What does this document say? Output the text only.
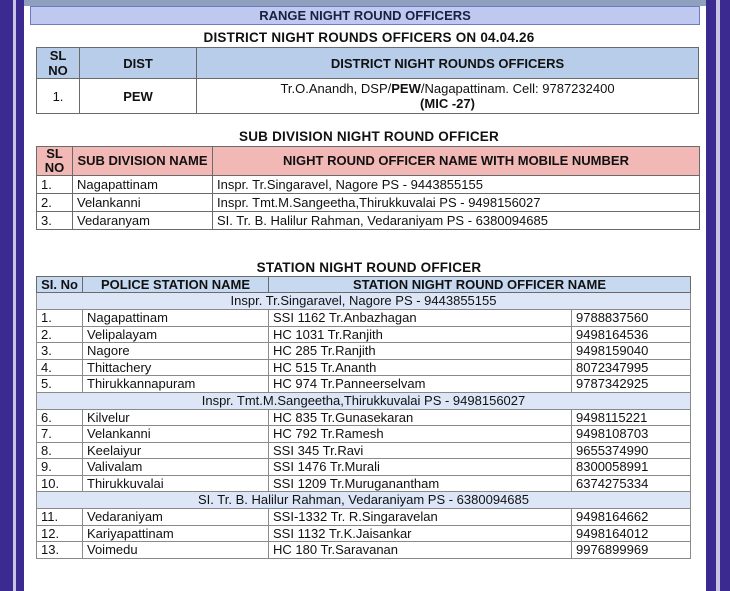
RANGE NIGHT ROUND OFFICERS
DISTRICT NIGHT ROUNDS OFFICERS ON 04.04.26
SL NO	DIST	DISTRICT NIGHT ROUNDS OFFICERS
1.	PEW	Tr.O.Anandh, DSP/PEW/Nagapattinam. Cell: 9787232400
(MIC -27)
SUB DIVISION NIGHT ROUND OFFICER
SL NO	SUB DIVISION NAME	NIGHT ROUND OFFICER NAME WITH MOBILE NUMBER
1.	Nagapattinam	Inspr. Tr.Singaravel, Nagore PS - 9443855155
2.	Velankanni	Inspr. Tmt.M.Sangeetha,Thirukkuvalai PS - 9498156027
3.	Vedaranyam	SI. Tr. B. Halilur Rahman, Vedaraniyam PS - 6380094685
STATION NIGHT ROUND OFFICER
SI. No	POLICE STATION NAME	STATION NIGHT ROUND OFFICER NAME	
Inspr. Tr.Singaravel, Nagore PS - 9443855155			
1.	Nagapattinam	SSI 1162 Tr.Anbazhagan	9788837560
2.	Velipalayam	HC 1031 Tr.Ranjith	9498164536
3.	Nagore	HC 285 Tr.Ranjith	9498159040
4.	Thittachery	HC 515 Tr.Ananth	8072347995
5.	Thirukkannapuram	HC 974 Tr.Panneerselvam	9787342925
Inspr. Tmt.M.Sangeetha,Thirukkuvalai PS - 9498156027			
6.	Kilvelur	HC 835 Tr.Gunasekaran	9498115221
7.	Velankanni	HC 792 Tr.Ramesh	9498108703
8.	Keelaiyur	SSI 345 Tr.Ravi	9655374990
9.	Valivalam	SSI 1476 Tr.Murali	8300058991
10.	Thirukkuvalai	SSI 1209 Tr.Muruganantham	6374275334
SI. Tr. B. Halilur Rahman, Vedaraniyam PS - 6380094685			
11.	Vedaraniyam	SSI-1332 Tr. R.Singaravelan	9498164662
12.	Kariyapattinam	SSI 1132 Tr.K.Jaisankar	9498164012
13.	Voimedu	HC 180 Tr.Saravanan	9976899969
